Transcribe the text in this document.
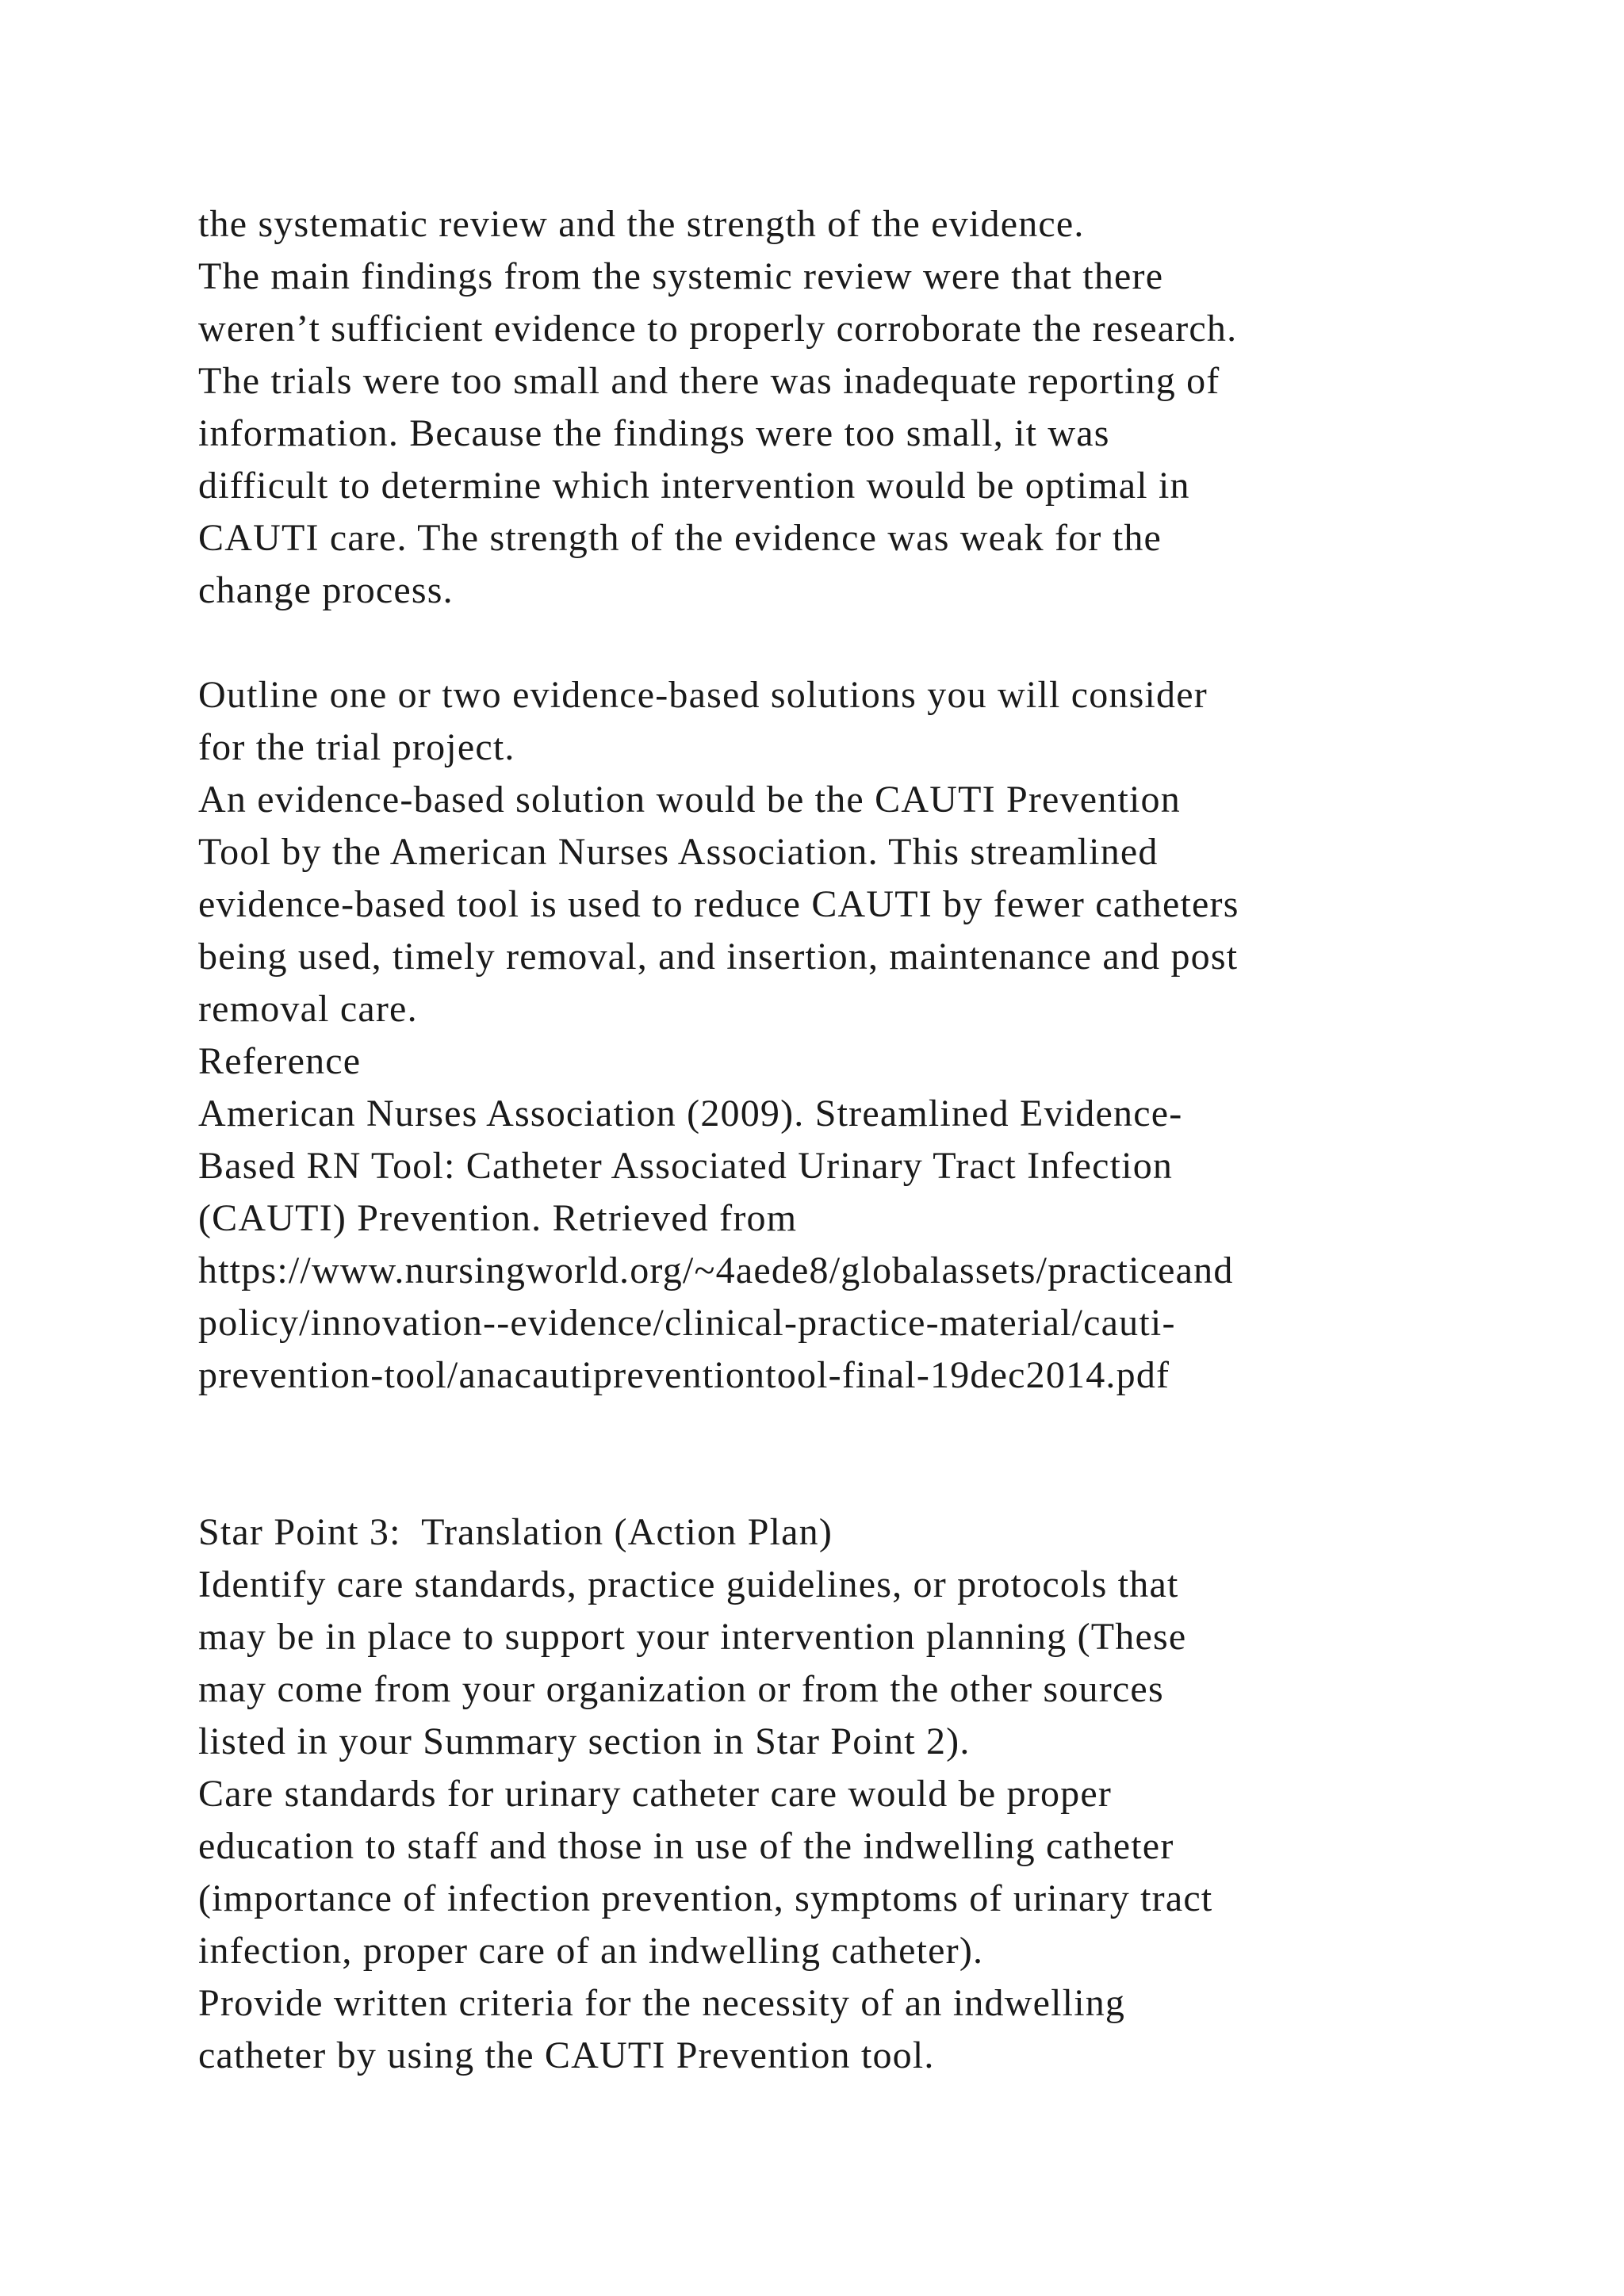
the systematic review and the strength of the evidence.
The main findings from the systemic review were that there
weren’t sufficient evidence to properly corroborate the research.
The trials were too small and there was inadequate reporting of
information. Because the findings were too small, it was
difficult to determine which intervention would be optimal in
CAUTI care. The strength of the evidence was weak for the
change process.
Outline one or two evidence-based solutions you will consider
for the trial project.
An evidence-based solution would be the CAUTI Prevention
Tool by the American Nurses Association. This streamlined
evidence-based tool is used to reduce CAUTI by fewer catheters
being used, timely removal, and insertion, maintenance and post
removal care.
Reference
American Nurses Association (2009). Streamlined Evidence-
Based RN Tool: Catheter Associated Urinary Tract Infection
(CAUTI) Prevention. Retrieved from
https://www.nursingworld.org/~4aede8/globalassets/practiceand
policy/innovation--evidence/clinical-practice-material/cauti-
prevention-tool/anacautipreventiontool-final-19dec2014.pdf
Star Point 3:  Translation (Action Plan)
Identify care standards, practice guidelines, or protocols that
may be in place to support your intervention planning (These
may come from your organization or from the other sources
listed in your Summary section in Star Point 2).
Care standards for urinary catheter care would be proper
education to staff and those in use of the indwelling catheter
(importance of infection prevention, symptoms of urinary tract
infection, proper care of an indwelling catheter).
Provide written criteria for the necessity of an indwelling
catheter by using the CAUTI Prevention tool.
